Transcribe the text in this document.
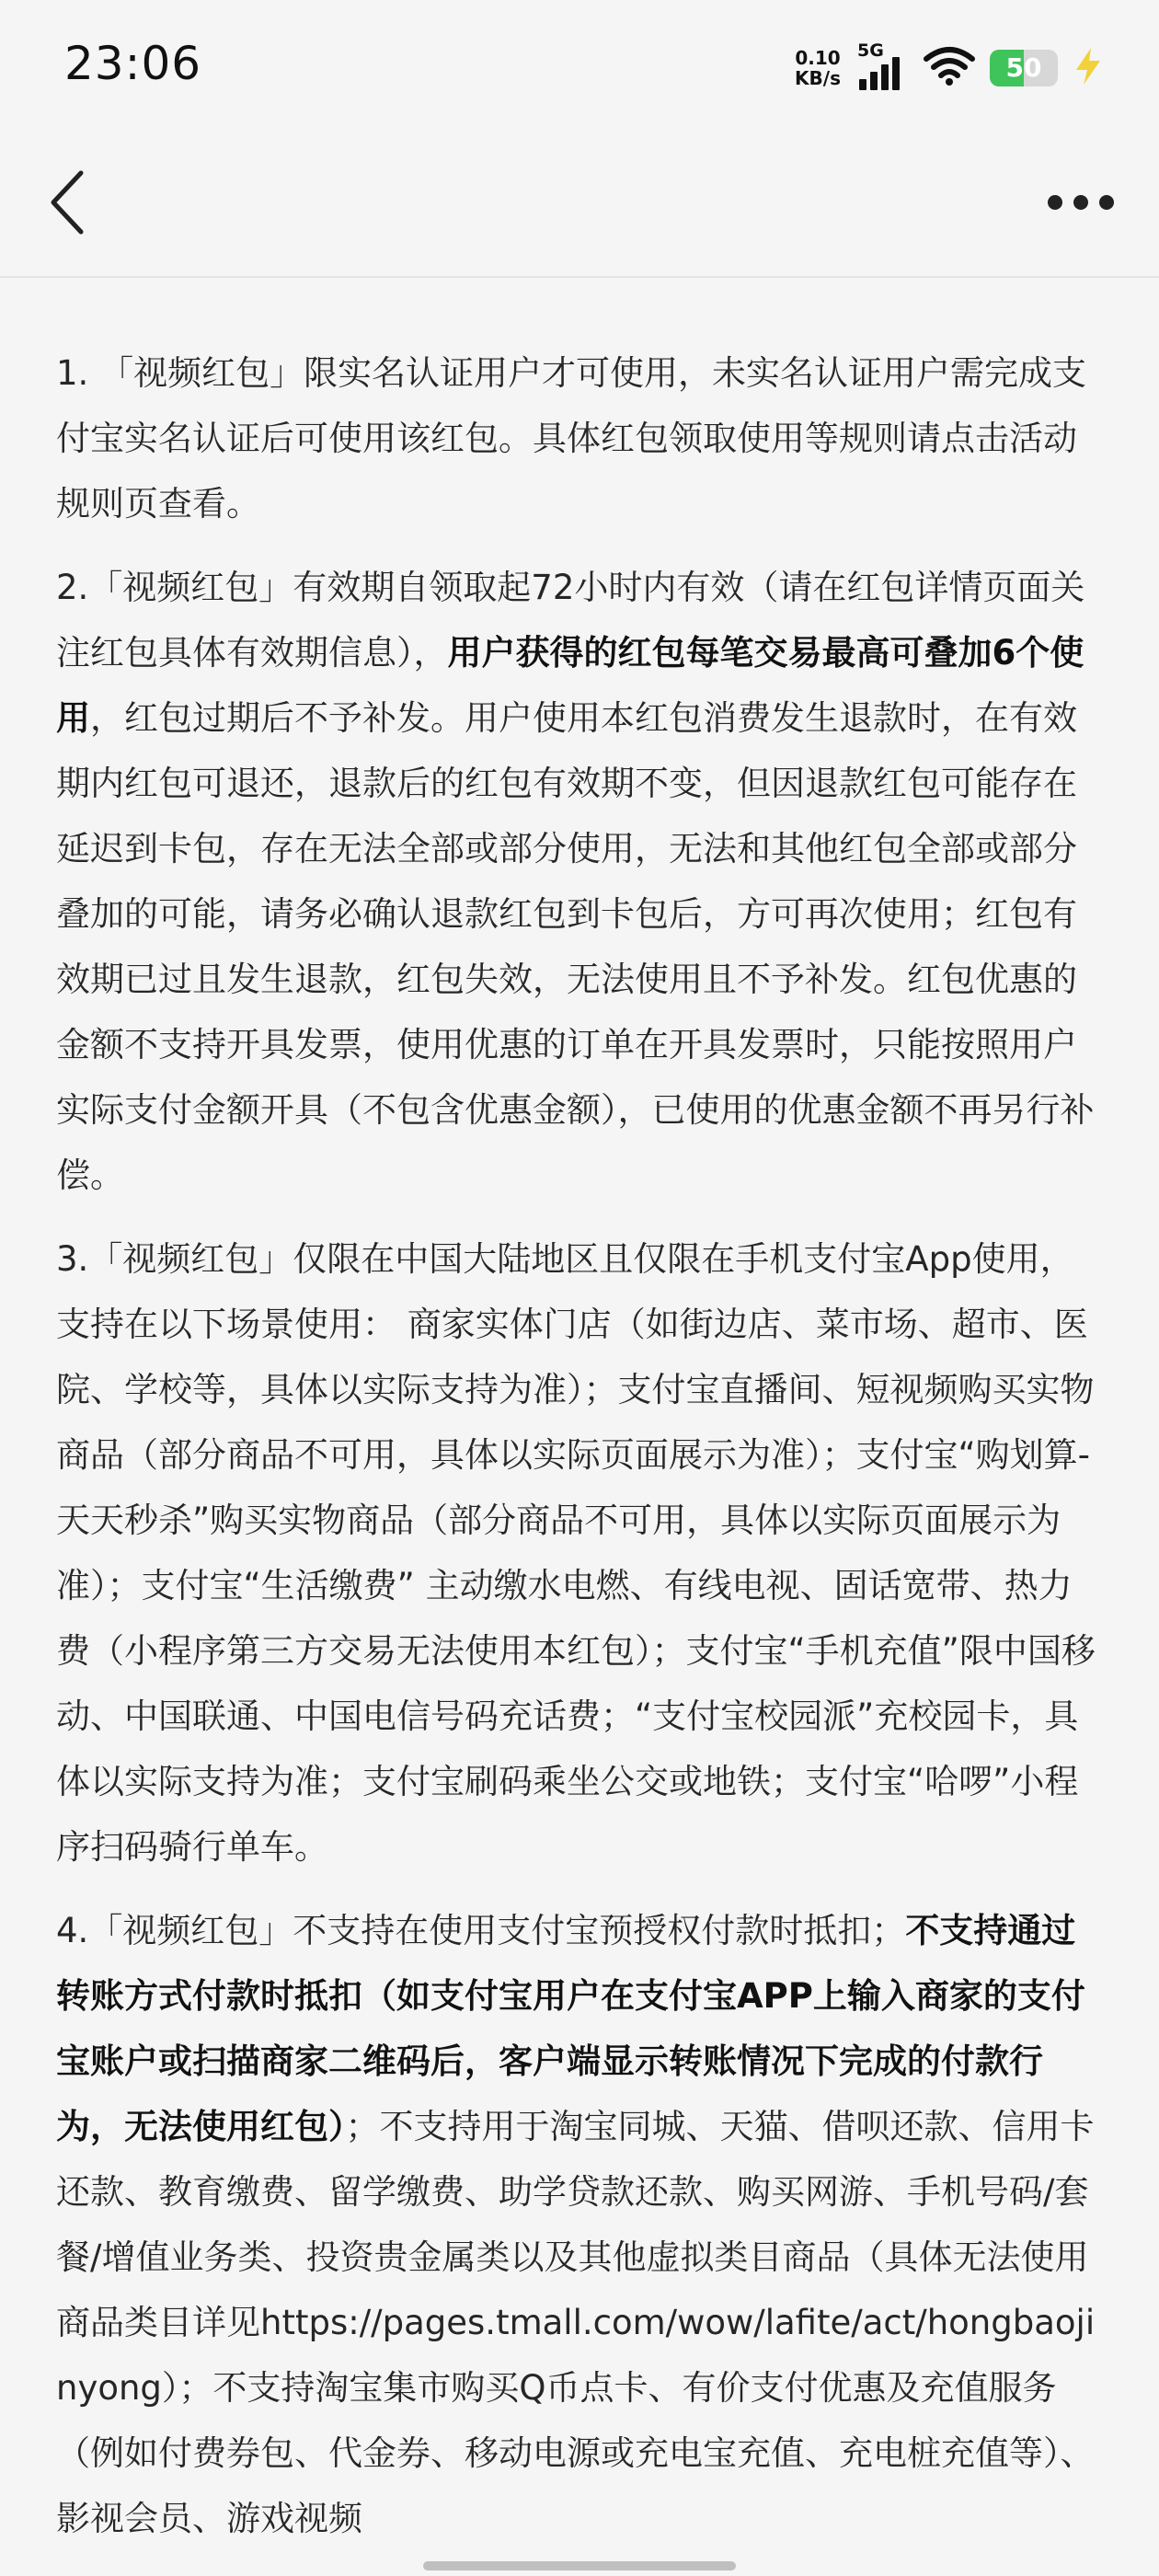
23:06	0.10
KB/s
5G
50

1. 「视频红包」限实名认证用户才可使用，未实名认证用户需完成支付宝实名认证后可使用该红包。具体红包领取使用等规则请点击活动规则页查看。

2.「视频红包」有效期自领取起72小时内有效（请在红包详情页面关注红包具体有效期信息），用户获得的红包每笔交易最高可叠加6个使用，红包过期后不予补发。用户使用本红包消费发生退款时，在有效期内红包可退还，退款后的红包有效期不变，但因退款红包可能存在延迟到卡包，存在无法全部或部分使用，无法和其他红包全部或部分叠加的可能，请务必确认退款红包到卡包后，方可再次使用；红包有效期已过且发生退款，红包失效，无法使用且不予补发。红包优惠的金额不支持开具发票，使用优惠的订单在开具发票时，只能按照用户实际支付金额开具（不包含优惠金额），已使用的优惠金额不再另行补偿。

3.「视频红包」仅限在中国大陆地区且仅限在手机支付宝App使用，支持在以下场景使用： 商家实体门店（如街边店、菜市场、超市、医院、学校等，具体以实际支持为准）；支付宝直播间、短视频购买实物商品（部分商品不可用，具体以实际页面展示为准）；支付宝“购划算-天天秒杀”购买实物商品（部分商品不可用，具体以实际页面展示为准）；支付宝“生活缴费” 主动缴水电燃、有线电视、固话宽带、热力费（小程序第三方交易无法使用本红包）；支付宝“手机充值”限中国移动、中国联通、中国电信号码充话费；“支付宝校园派”充校园卡，具体以实际支持为准；支付宝刷码乘坐公交或地铁；支付宝“哈啰”小程序扫码骑行单车。

4.「视频红包」不支持在使用支付宝预授权付款时抵扣；不支持通过转账方式付款时抵扣（如支付宝用户在支付宝APP上输入商家的支付宝账户或扫描商家二维码后，客户端显示转账情况下完成的付款行为，无法使用红包）；不支持用于淘宝同城、天猫、借呗还款、信用卡还款、教育缴费、留学缴费、助学贷款还款、购买网游、手机号码/套餐/增值业务类、投资贵金属类以及其他虚拟类目商品（具体无法使用商品类目详见https://pages.tmall.com/wow/lafite/act/hongbaojinyong）；不支持淘宝集市购买Q币点卡、有价支付优惠及充值服务（例如付费券包、代金券、移动电源或充电宝充值、充电桩充值等）、影视会员、游戏视频
